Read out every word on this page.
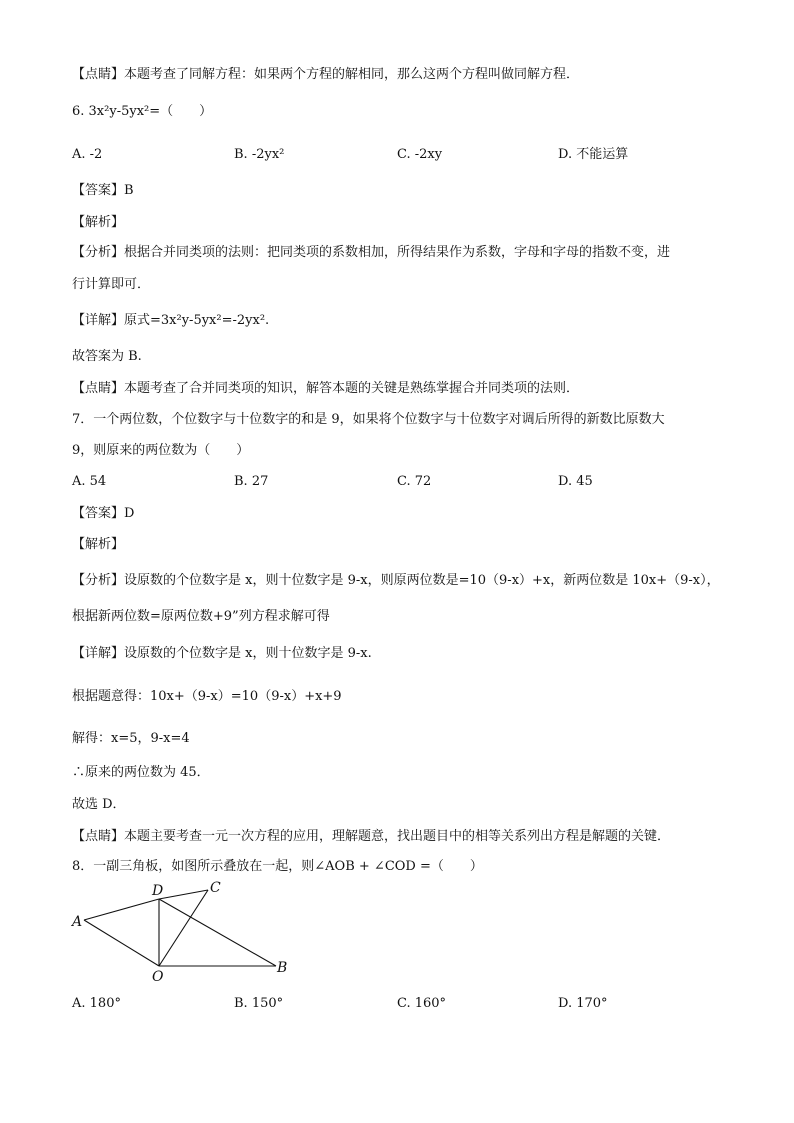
【点睛】本题考查了同解方程：如果两个方程的解相同，那么这两个方程叫做同解方程．
6. 3x²y-5yx²=（　　）
A. -2	B. -2yx²	C. -2xy	D. 不能运算
【答案】B
【解析】
【分析】根据合并同类项的法则：把同类项的系数相加，所得结果作为系数，字母和字母的指数不变，进
行计算即可．
【详解】原式=3x²y-5yx²=-2yx².
故答案为 B.
【点睛】本题考查了合并同类项的知识，解答本题的关键是熟练掌握合并同类项的法则．
7．一个两位数，个位数字与十位数字的和是 9，如果将个位数字与十位数字对调后所得的新数比原数大
9，则原来的两位数为（　　）
A. 54	B. 27	C. 72	D. 45
【答案】D
【解析】
【分析】设原数的个位数字是 x，则十位数字是 9-x，则原两位数是=10（9-x）+x，新两位数是 10x+（9-x），
根据新两位数=原两位数+9”列方程求解可得
【详解】设原数的个位数字是 x，则十位数字是 9-x.
根据题意得：10x+（9-x）=10（9-x）+x+9
解得：x=5，9-x=4
∴原来的两位数为 45．
故选 D．
【点睛】本题主要考查一元一次方程的应用，理解题意，找出题目中的相等关系列出方程是解题的关键．
8．一副三角板，如图所示叠放在一起，则∠AOB + ∠COD =（　　）
A
D	C
O
B
A. 180°	B. 150°	C. 160°	D. 170°
